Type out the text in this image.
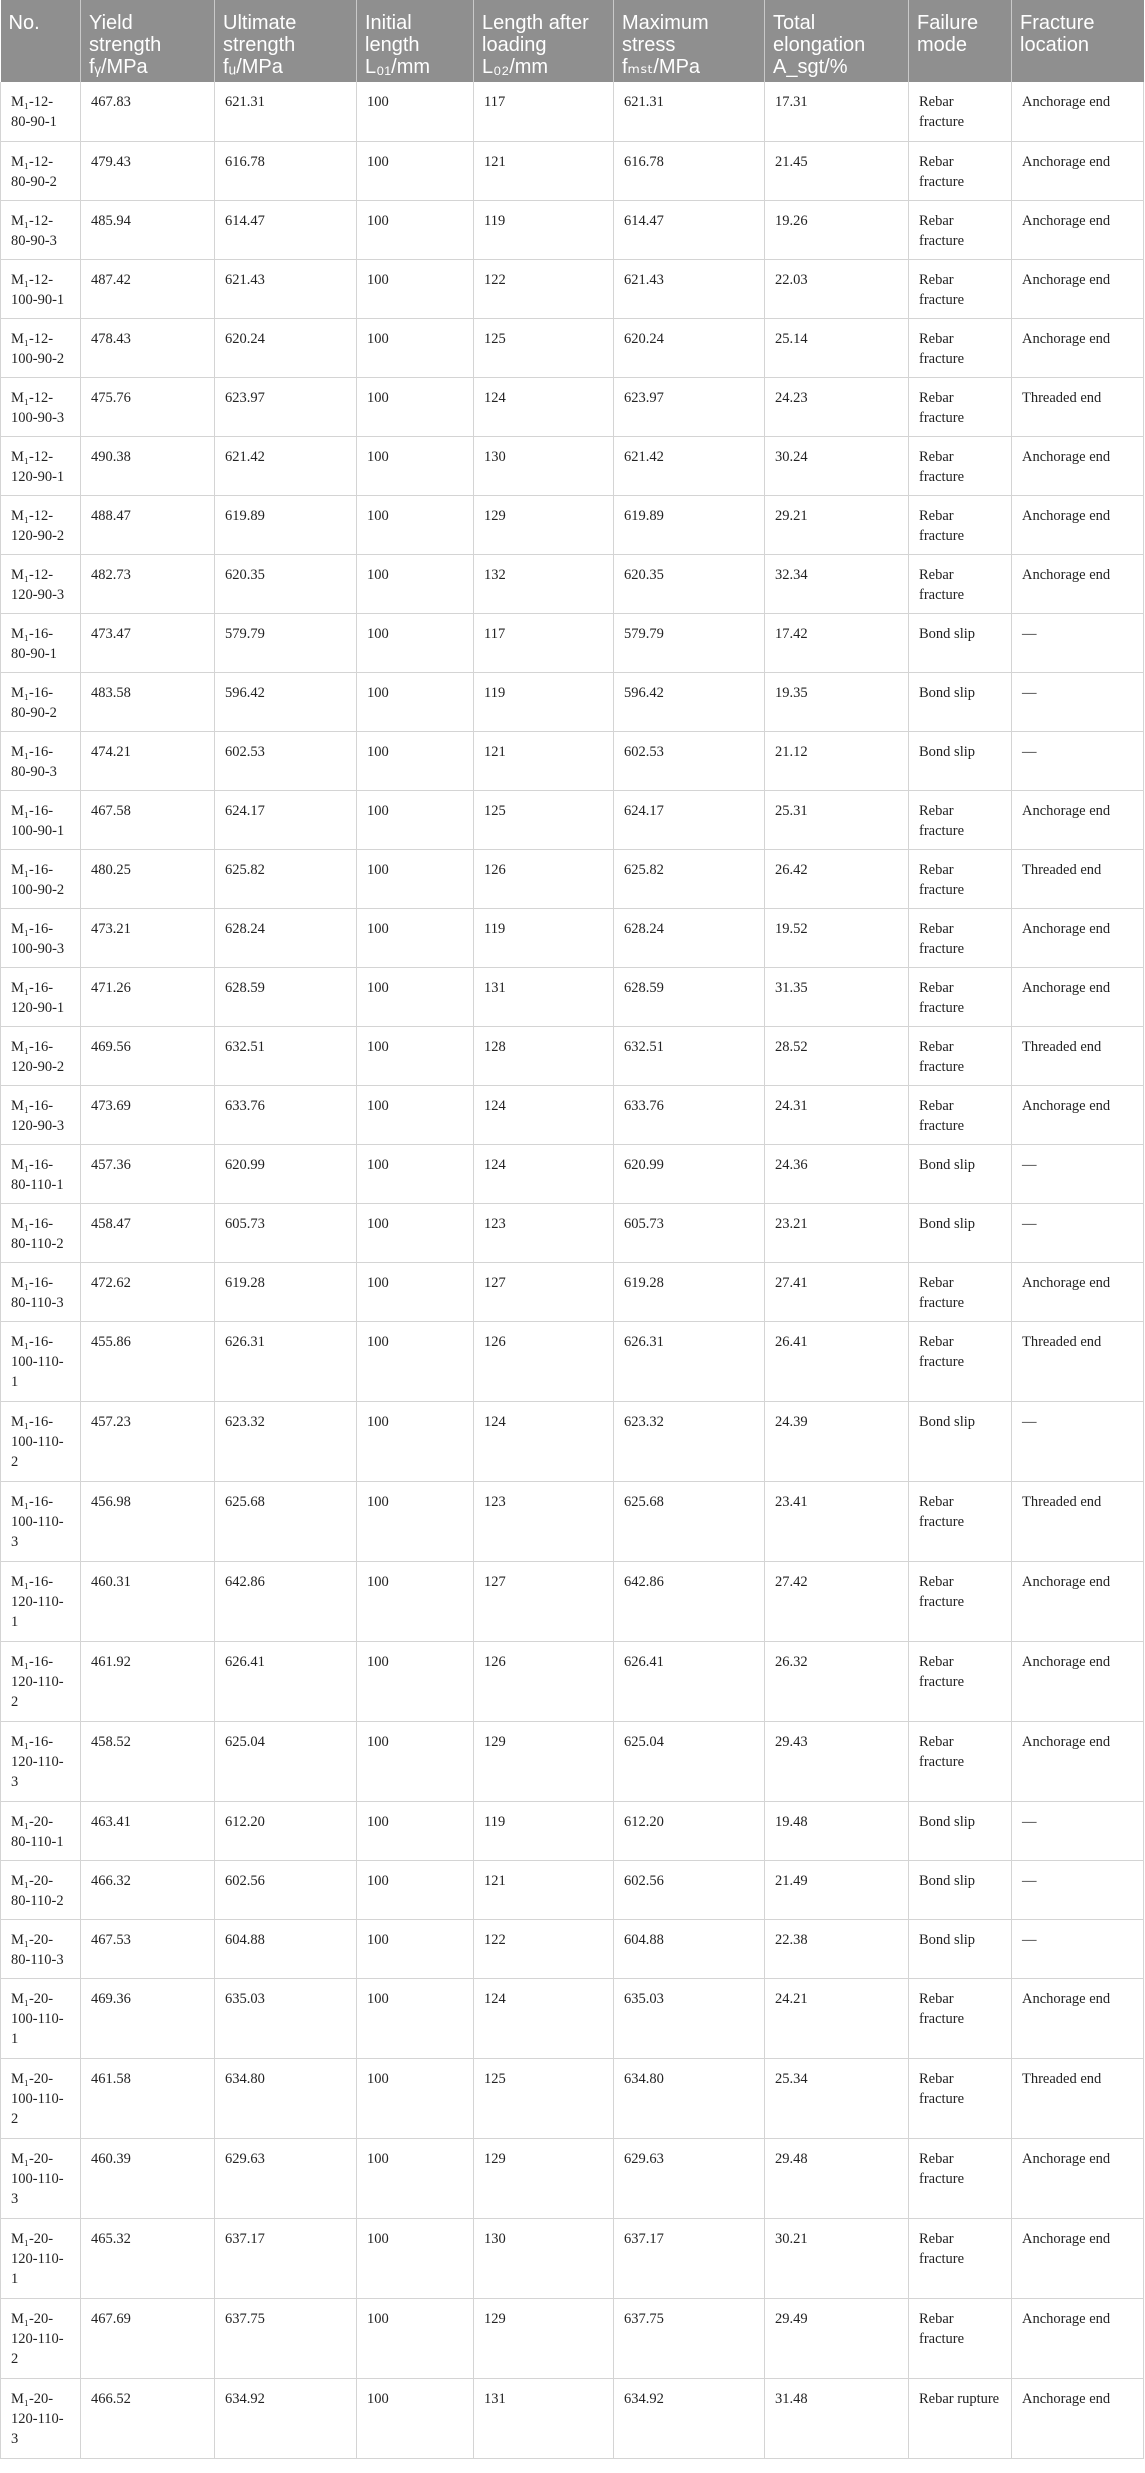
No.	Yield
strength
fᵧ/MPa	Ultimate
strength
fᵤ/MPa	Initial
length
L₀₁/mm	Length after
loading
L₀₂/mm	Maximum
stress
fₘₛₜ/MPa	Total
elongation
A_sgt/%	Failure
mode	Fracture
location

M₁-12-80-90-1	467.83	621.31	100	117	621.31	17.31	Rebar fracture	Anchorage end
M₁-12-80-90-2	479.43	616.78	100	121	616.78	21.45	Rebar fracture	Anchorage end
M₁-12-80-90-3	485.94	614.47	100	119	614.47	19.26	Rebar fracture	Anchorage end
M₁-12-100-90-1	487.42	621.43	100	122	621.43	22.03	Rebar fracture	Anchorage end
M₁-12-100-90-2	478.43	620.24	100	125	620.24	25.14	Rebar fracture	Anchorage end
M₁-12-100-90-3	475.76	623.97	100	124	623.97	24.23	Rebar fracture	Threaded end
M₁-12-120-90-1	490.38	621.42	100	130	621.42	30.24	Rebar fracture	Anchorage end
M₁-12-120-90-2	488.47	619.89	100	129	619.89	29.21	Rebar fracture	Anchorage end
M₁-12-120-90-3	482.73	620.35	100	132	620.35	32.34	Rebar fracture	Anchorage end
M₁-16-80-90-1	473.47	579.79	100	117	579.79	17.42	Bond slip	—
M₁-16-80-90-2	483.58	596.42	100	119	596.42	19.35	Bond slip	—
M₁-16-80-90-3	474.21	602.53	100	121	602.53	21.12	Bond slip	—
M₁-16-100-90-1	467.58	624.17	100	125	624.17	25.31	Rebar fracture	Anchorage end
M₁-16-100-90-2	480.25	625.82	100	126	625.82	26.42	Rebar fracture	Threaded end
M₁-16-100-90-3	473.21	628.24	100	119	628.24	19.52	Rebar fracture	Anchorage end
M₁-16-120-90-1	471.26	628.59	100	131	628.59	31.35	Rebar fracture	Anchorage end
M₁-16-120-90-2	469.56	632.51	100	128	632.51	28.52	Rebar fracture	Threaded end
M₁-16-120-90-3	473.69	633.76	100	124	633.76	24.31	Rebar fracture	Anchorage end
M₁-16-80-110-1	457.36	620.99	100	124	620.99	24.36	Bond slip	—
M₁-16-80-110-2	458.47	605.73	100	123	605.73	23.21	Bond slip	—
M₁-16-80-110-3	472.62	619.28	100	127	619.28	27.41	Rebar fracture	Anchorage end
M₁-16-100-110-1	455.86	626.31	100	126	626.31	26.41	Rebar fracture	Threaded end
M₁-16-100-110-2	457.23	623.32	100	124	623.32	24.39	Bond slip	—
M₁-16-100-110-3	456.98	625.68	100	123	625.68	23.41	Rebar fracture	Threaded end
M₁-16-120-110-1	460.31	642.86	100	127	642.86	27.42	Rebar fracture	Anchorage end
M₁-16-120-110-2	461.92	626.41	100	126	626.41	26.32	Rebar fracture	Anchorage end
M₁-16-120-110-3	458.52	625.04	100	129	625.04	29.43	Rebar fracture	Anchorage end
M₁-20-80-110-1	463.41	612.20	100	119	612.20	19.48	Bond slip	—
M₁-20-80-110-2	466.32	602.56	100	121	602.56	21.49	Bond slip	—
M₁-20-80-110-3	467.53	604.88	100	122	604.88	22.38	Bond slip	—
M₁-20-100-110-1	469.36	635.03	100	124	635.03	24.21	Rebar fracture	Anchorage end
M₁-20-100-110-2	461.58	634.80	100	125	634.80	25.34	Rebar fracture	Threaded end
M₁-20-100-110-3	460.39	629.63	100	129	629.63	29.48	Rebar fracture	Anchorage end
M₁-20-120-110-1	465.32	637.17	100	130	637.17	30.21	Rebar fracture	Anchorage end
M₁-20-120-110-2	467.69	637.75	100	129	637.75	29.49	Rebar fracture	Anchorage end
M₁-20-120-110-3	466.52	634.92	100	131	634.92	31.48	Rebar rupture	Anchorage end
